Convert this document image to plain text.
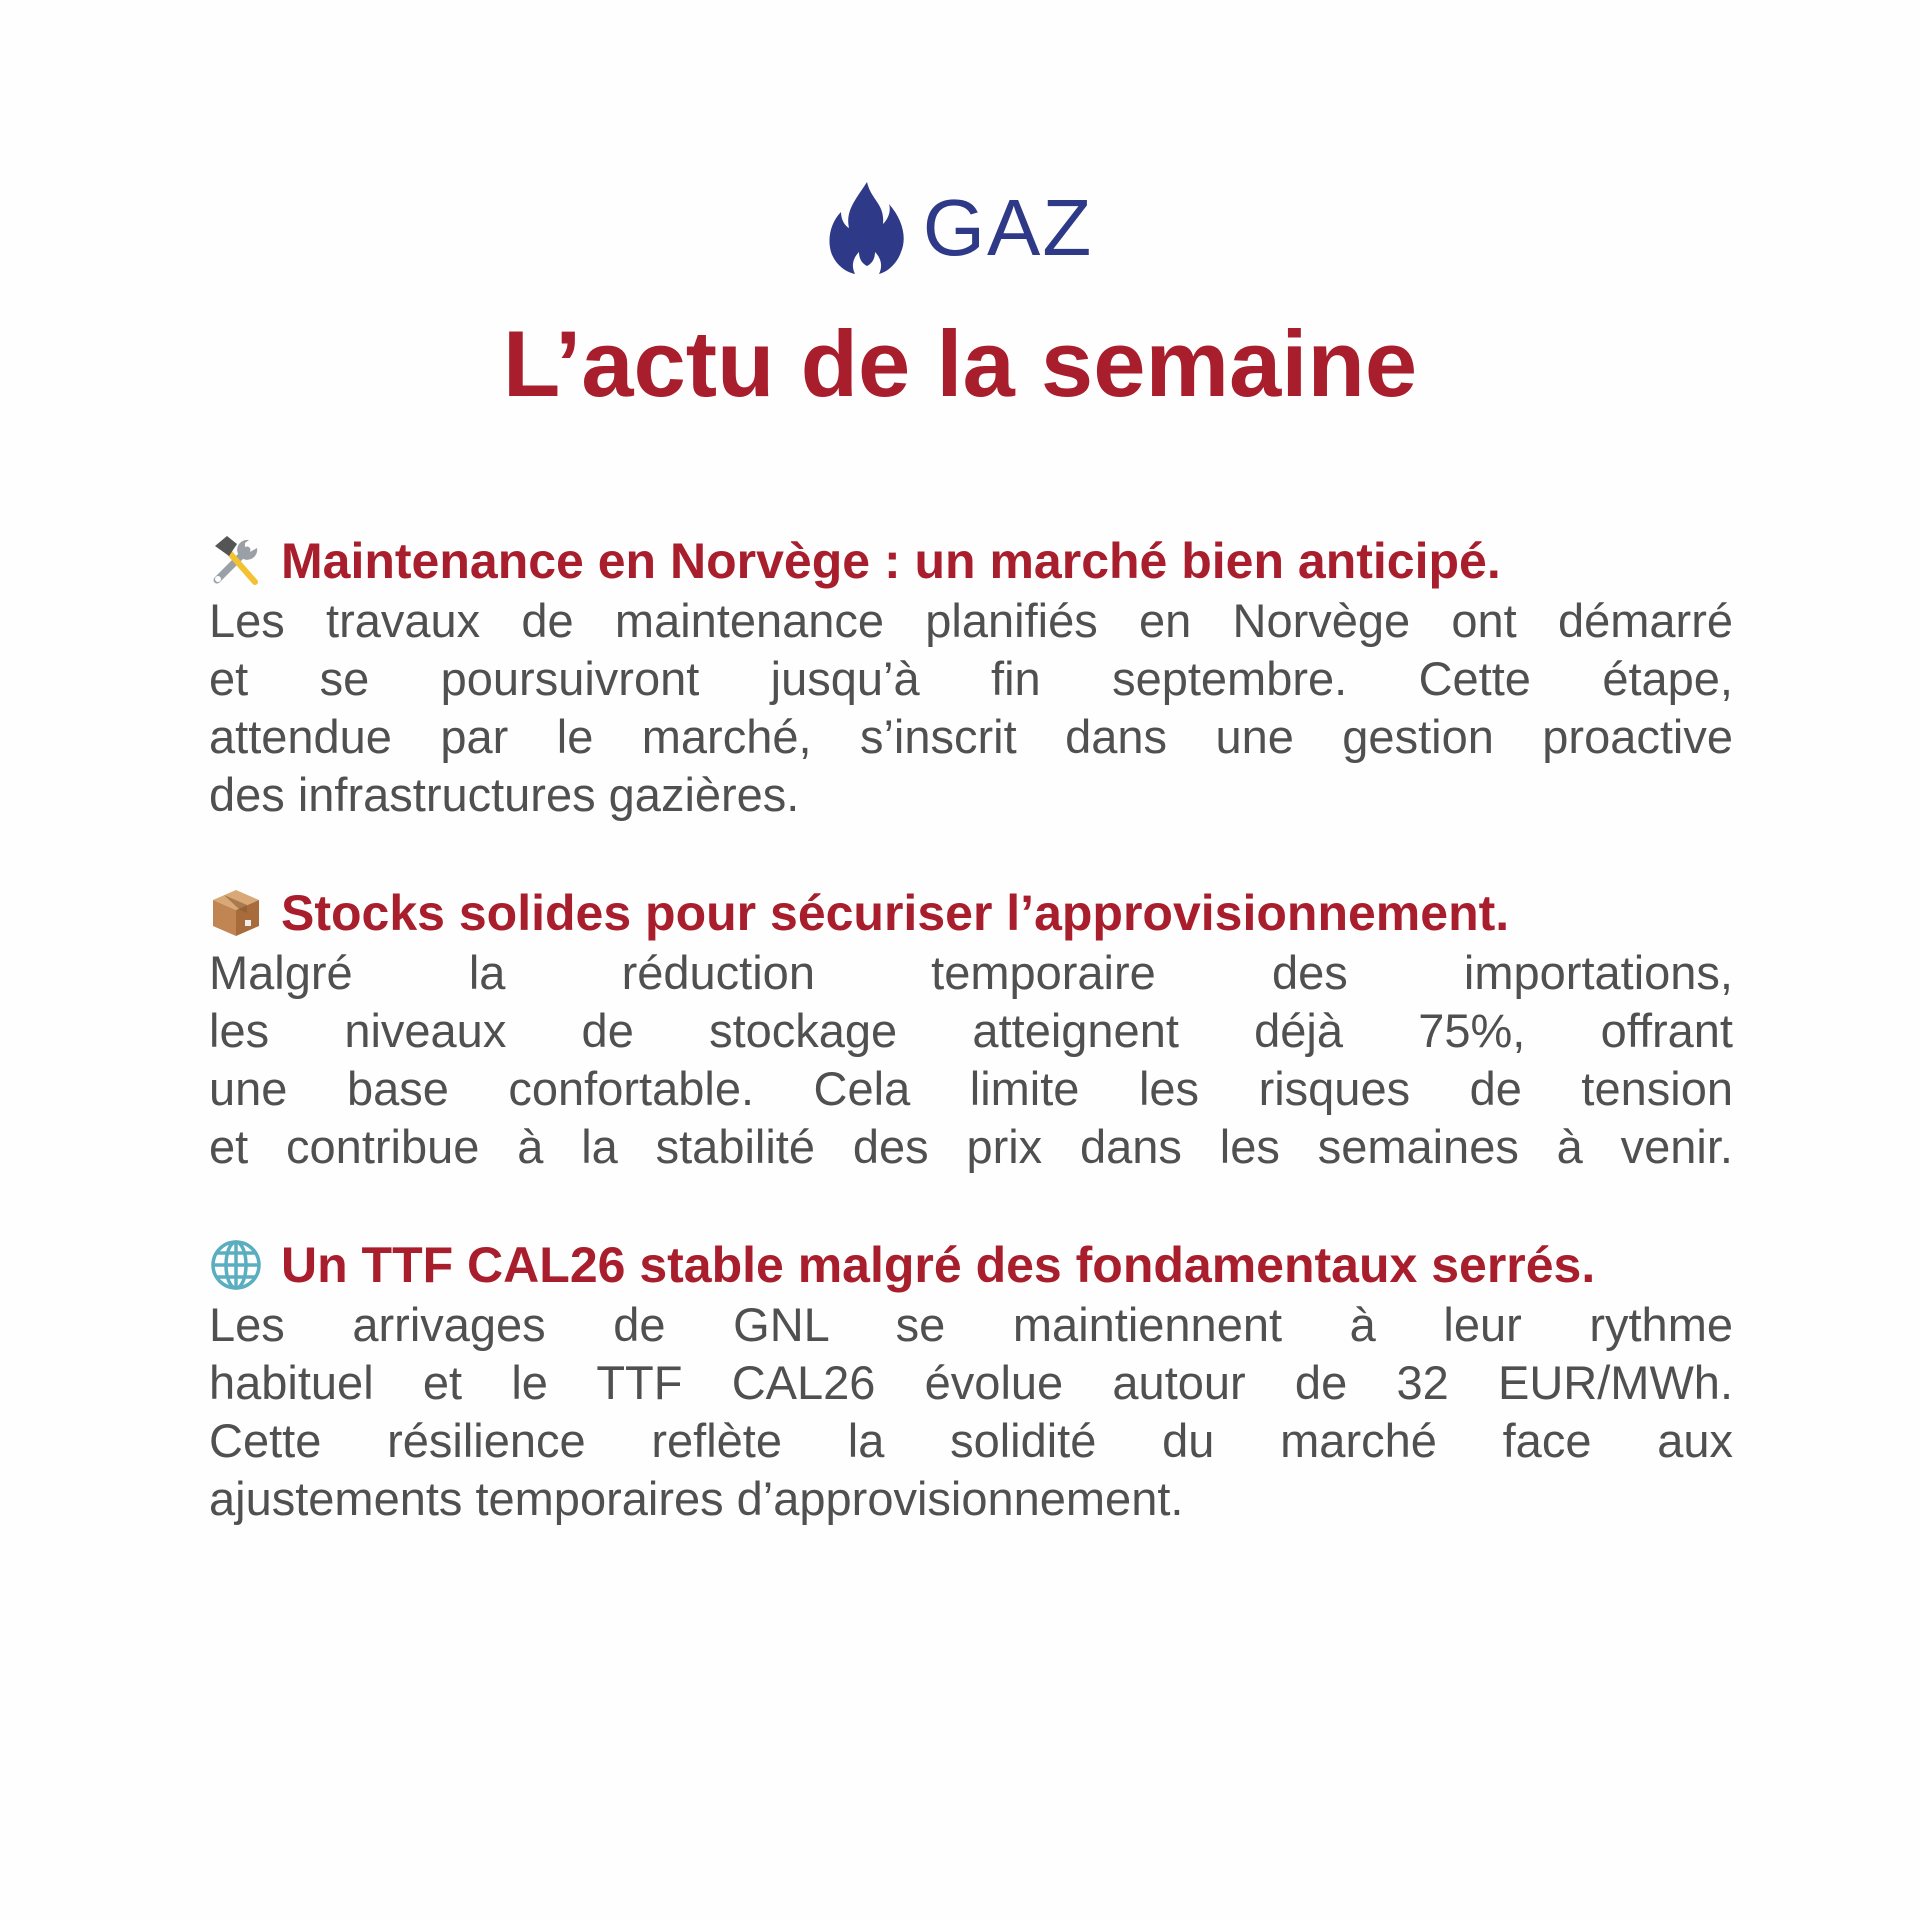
GAZ
L’actu de la semaine
Maintenance en Norvège : un marché bien anticipé.
Les travaux de maintenance planifiés en Norvège ont démarré
et se poursuivront jusqu’à fin septembre. Cette étape,
attendue par le marché, s’inscrit dans une gestion proactive
des infrastructures gazières.
Stocks solides pour sécuriser l’approvisionnement.
Malgré la réduction temporaire des importations,
les niveaux de stockage atteignent déjà 75%, offrant
une base confortable. Cela limite les risques de tension
et contribue à la stabilité des prix dans les semaines à venir.
Un TTF CAL26 stable malgré des fondamentaux serrés.
Les arrivages de GNL se maintiennent à leur rythme
habituel et le TTF CAL26 évolue autour de 32 EUR/MWh.
Cette résilience reflète la solidité du marché face aux
ajustements temporaires d’approvisionnement.
